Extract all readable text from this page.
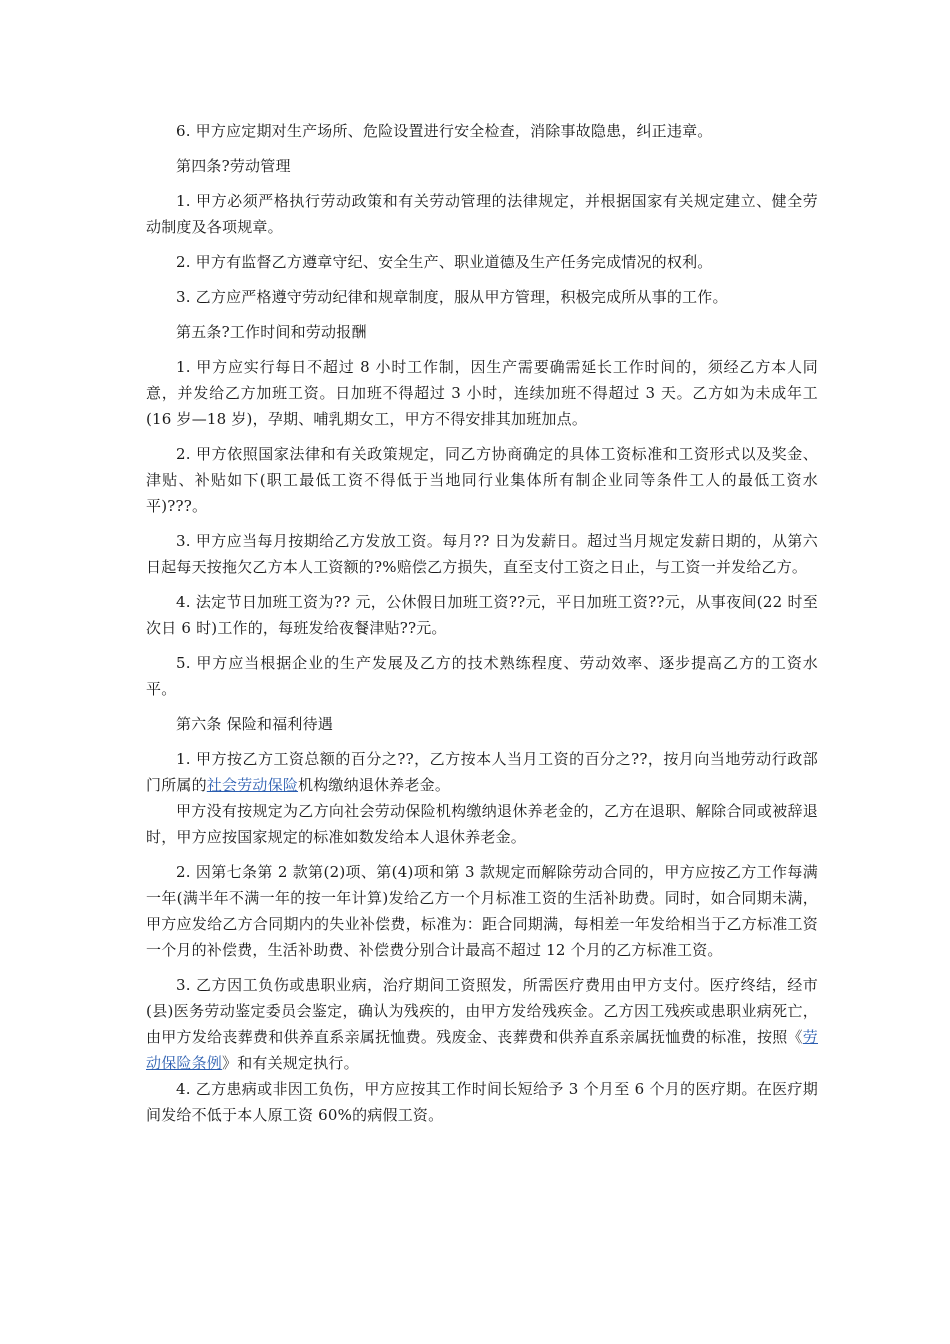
6. 甲方应定期对生产场所、危险设置进行安全检查，消除事故隐患，纠正违章。

第四条?劳动管理

1. 甲方必须严格执行劳动政策和有关劳动管理的法律规定，并根据国家有关规定建立、健全劳动制度及各项规章。

2. 甲方有监督乙方遵章守纪、安全生产、职业道德及生产任务完成情况的权利。

3. 乙方应严格遵守劳动纪律和规章制度，服从甲方管理，积极完成所从事的工作。

第五条?工作时间和劳动报酬

1. 甲方应实行每日不超过 8 小时工作制，因生产需要确需延长工作时间的，须经乙方本人同意，并发给乙方加班工资。日加班不得超过 3 小时，连续加班不得超过 3 天。乙方如为未成年工(16 岁—18 岁)，孕期、哺乳期女工，甲方不得安排其加班加点。

2. 甲方依照国家法律和有关政策规定，同乙方协商确定的具体工资标准和工资形式以及奖金、津贴、补贴如下(职工最低工资不得低于当地同行业集体所有制企业同等条件工人的最低工资水平)???。

3. 甲方应当每月按期给乙方发放工资。每月?? 日为发薪日。超过当月规定发薪日期的，从第六日起每天按拖欠乙方本人工资额的?%赔偿乙方损失，直至支付工资之日止，与工资一并发给乙方。

4. 法定节日加班工资为?? 元，公休假日加班工资??元，平日加班工资??元，从事夜间(22 时至次日 6 时)工作的，每班发给夜餐津贴??元。

5. 甲方应当根据企业的生产发展及乙方的技术熟练程度、劳动效率、逐步提高乙方的工资水平。

第六条 保险和福利待遇

1. 甲方按乙方工资总额的百分之??，乙方按本人当月工资的百分之??，按月向当地劳动行政部门所属的社会劳动保险机构缴纳退休养老金。

甲方没有按规定为乙方向社会劳动保险机构缴纳退休养老金的，乙方在退职、解除合同或被辞退时，甲方应按国家规定的标准如数发给本人退休养老金。

2. 因第七条第 2 款第(2)项、第(4)项和第 3 款规定而解除劳动合同的，甲方应按乙方工作每满一年(满半年不满一年的按一年计算)发给乙方一个月标准工资的生活补助费。同时，如合同期未满，甲方应发给乙方合同期内的失业补偿费，标准为：距合同期满，每相差一年发给相当于乙方标准工资一个月的补偿费，生活补助费、补偿费分别合计最高不超过 12 个月的乙方标准工资。

3. 乙方因工负伤或患职业病，治疗期间工资照发，所需医疗费用由甲方支付。医疗终结，经市(县)医务劳动鉴定委员会鉴定，确认为残疾的，由甲方发给残疾金。乙方因工残疾或患职业病死亡，由甲方发给丧葬费和供养直系亲属抚恤费。残废金、丧葬费和供养直系亲属抚恤费的标准，按照《劳动保险条例》和有关规定执行。

4. 乙方患病或非因工负伤，甲方应按其工作时间长短给予 3 个月至 6 个月的医疗期。在医疗期间发给不低于本人原工资 60%的病假工资。
